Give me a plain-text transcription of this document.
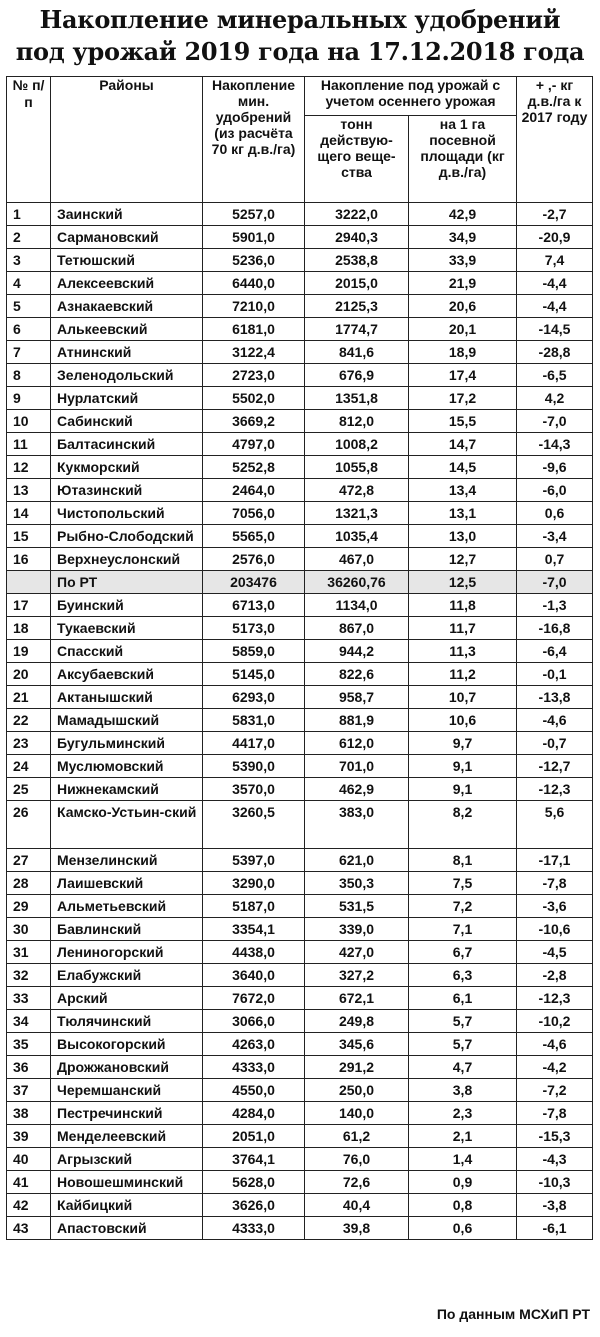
Накопление минеральных удобрений
под урожай 2019 года на 17.12.2018 года
№ п/п	Районы	Накопление мин. удобрений (из расчёта 70 кг д.в./га)	Накопление под урожай с учетом осеннего урожая		+ ,- кг д.в./га к 2017 году
			тонн действую-щего веще-ства	на 1 га посевной площади (кг д.в./га)	
1	Заинский	5257,0	3222,0	42,9	-2,7
2	Сармановский	5901,0	2940,3	34,9	-20,9
3	Тетюшский	5236,0	2538,8	33,9	7,4
4	Алексеевский	6440,0	2015,0	21,9	-4,4
5	Азнакаевский	7210,0	2125,3	20,6	-4,4
6	Алькеевский	6181,0	1774,7	20,1	-14,5
7	Атнинский	3122,4	841,6	18,9	-28,8
8	Зеленодольский	2723,0	676,9	17,4	-6,5
9	Нурлатский	5502,0	1351,8	17,2	4,2
10	Сабинский	3669,2	812,0	15,5	-7,0
11	Балтасинский	4797,0	1008,2	14,7	-14,3
12	Кукморский	5252,8	1055,8	14,5	-9,6
13	Ютазинский	2464,0	472,8	13,4	-6,0
14	Чистопольский	7056,0	1321,3	13,1	0,6
15	Рыбно-Слободский	5565,0	1035,4	13,0	-3,4
16	Верхнеуслонский	2576,0	467,0	12,7	0,7
	По РТ	203476	36260,76	12,5	-7,0
17	Буинский	6713,0	1134,0	11,8	-1,3
18	Тукаевский	5173,0	867,0	11,7	-16,8
19	Спасский	5859,0	944,2	11,3	-6,4
20	Аксубаевский	5145,0	822,6	11,2	-0,1
21	Актанышский	6293,0	958,7	10,7	-13,8
22	Мамадышский	5831,0	881,9	10,6	-4,6
23	Бугульминский	4417,0	612,0	9,7	-0,7
24	Муслюмовский	5390,0	701,0	9,1	-12,7
25	Нижнекамский	3570,0	462,9	9,1	-12,3
26	Камско-Устьин-ский	3260,5	383,0	8,2	5,6
27	Мензелинский	5397,0	621,0	8,1	-17,1
28	Лаишевский	3290,0	350,3	7,5	-7,8
29	Альметьевский	5187,0	531,5	7,2	-3,6
30	Бавлинский	3354,1	339,0	7,1	-10,6
31	Лениногорский	4438,0	427,0	6,7	-4,5
32	Елабужский	3640,0	327,2	6,3	-2,8
33	Арский	7672,0	672,1	6,1	-12,3
34	Тюлячинский	3066,0	249,8	5,7	-10,2
35	Высокогорский	4263,0	345,6	5,7	-4,6
36	Дрожжановский	4333,0	291,2	4,7	-4,2
37	Черемшанский	4550,0	250,0	3,8	-7,2
38	Пестречинский	4284,0	140,0	2,3	-7,8
39	Менделеевский	2051,0	61,2	2,1	-15,3
40	Агрызский	3764,1	76,0	1,4	-4,3
41	Новошешминский	5628,0	72,6	0,9	-10,3
42	Кайбицкий	3626,0	40,4	0,8	-3,8
43	Апастовский	4333,0	39,8	0,6	-6,1
По данным МСХиП РТ
